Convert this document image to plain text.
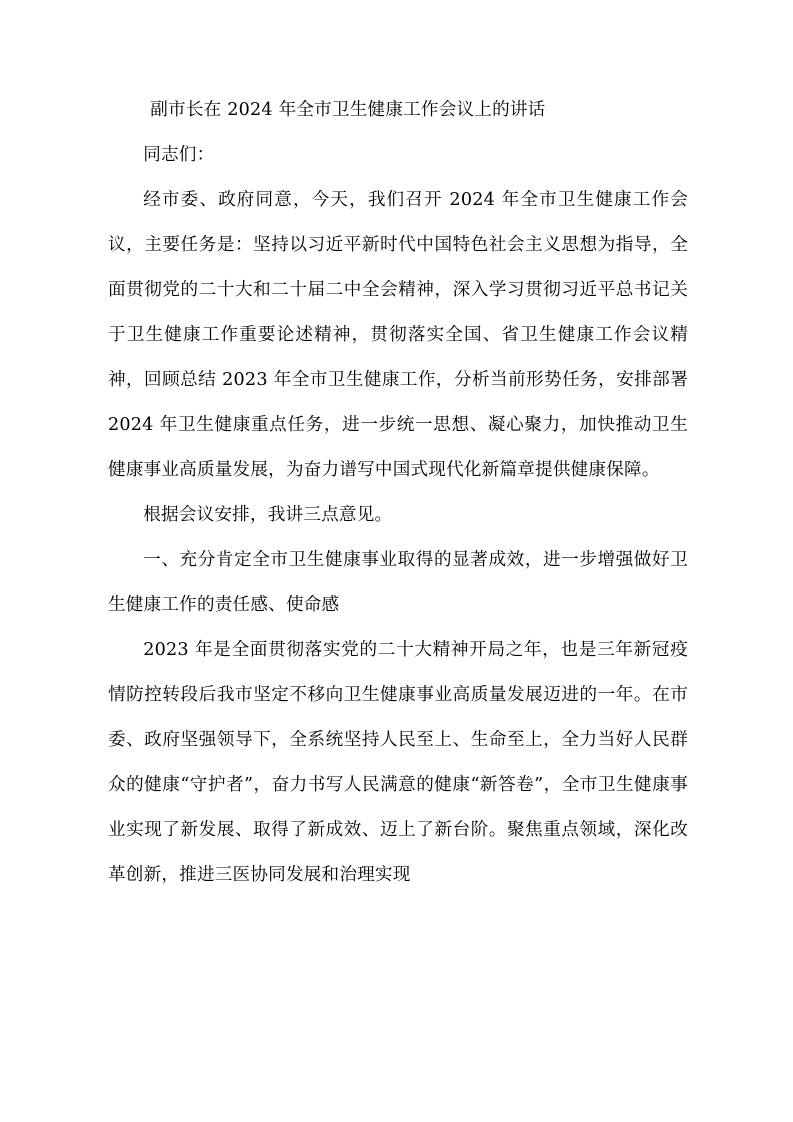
副市长在 2024 年全市卫生健康工作会议上的讲话

同志们：

经市委、政府同意，今天，我们召开 2024 年全市卫生健康工作会议，主要任务是：坚持以习近平新时代中国特色社会主义思想为指导，全面贯彻党的二十大和二十届二中全会精神，深入学习贯彻习近平总书记关于卫生健康工作重要论述精神，贯彻落实全国、省卫生健康工作会议精神，回顾总结 2023 年全市卫生健康工作，分析当前形势任务，安排部署 2024 年卫生健康重点任务，进一步统一思想、凝心聚力，加快推动卫生健康事业高质量发展，为奋力谱写中国式现代化新篇章提供健康保障。

根据会议安排，我讲三点意见。

一、充分肯定全市卫生健康事业取得的显著成效，进一步增强做好卫生健康工作的责任感、使命感

2023 年是全面贯彻落实党的二十大精神开局之年，也是三年新冠疫情防控转段后我市坚定不移向卫生健康事业高质量发展迈进的一年。在市委、政府坚强领导下，全系统坚持人民至上、生命至上，全力当好人民群众的健康“守护者”，奋力书写人民满意的健康“新答卷”，全市卫生健康事业实现了新发展、取得了新成效、迈上了新台阶。聚焦重点领域，深化改革创新，推进三医协同发展和治理实现
